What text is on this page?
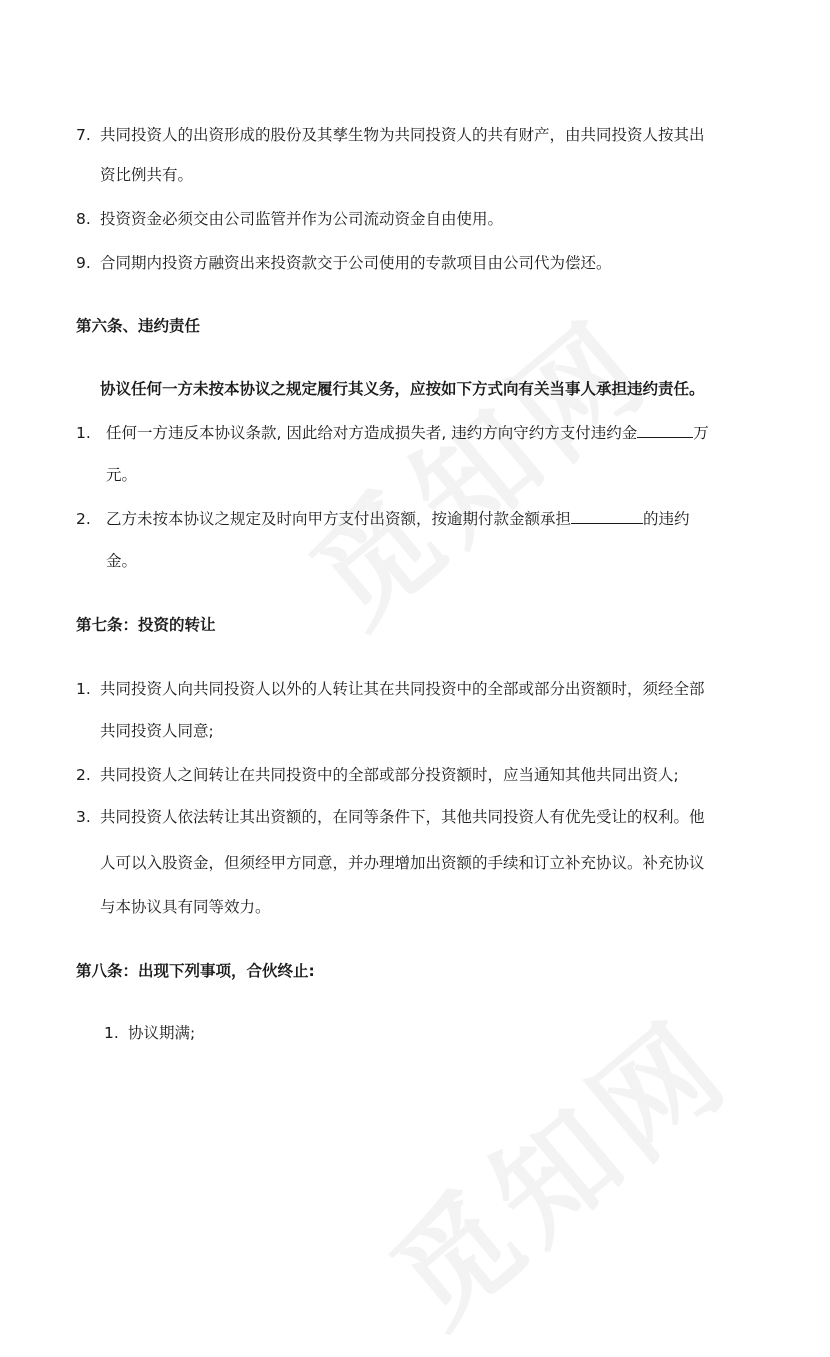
7. 共同投资人的出资形成的股份及其孳生物为共同投资人的共有财产，由共同投资人按其出
资比例共有。
8. 投资资金必须交由公司监管并作为公司流动资金自由使用。
9. 合同期内投资方融资出来投资款交于公司使用的专款项目由公司代为偿还。
第六条、违约责任
协议任何一方未按本协议之规定履行其义务，应按如下方式向有关当事人承担违约责任。
1. 任何一方违反本协议条款, 因此给对方造成损失者, 违约方向守约方支付违约金	万
元。
2. 乙方未按本协议之规定及时向甲方支付出资额，按逾期付款金额承担	的违约
金。
第七条：投资的转让
1. 共同投资人向共同投资人以外的人转让其在共同投资中的全部或部分出资额时，须经全部
共同投资人同意;
2. 共同投资人之间转让在共同投资中的全部或部分投资额时，应当通知其他共同出资人;
3. 共同投资人依法转让其出资额的，在同等条件下，其他共同投资人有优先受让的权利。他
人可以入股资金，但须经甲方同意，并办理增加出资额的手续和订立补充协议。补充协议
与本协议具有同等效力。
第八条：出现下列事项，合伙终止:
1. 协议期满;
